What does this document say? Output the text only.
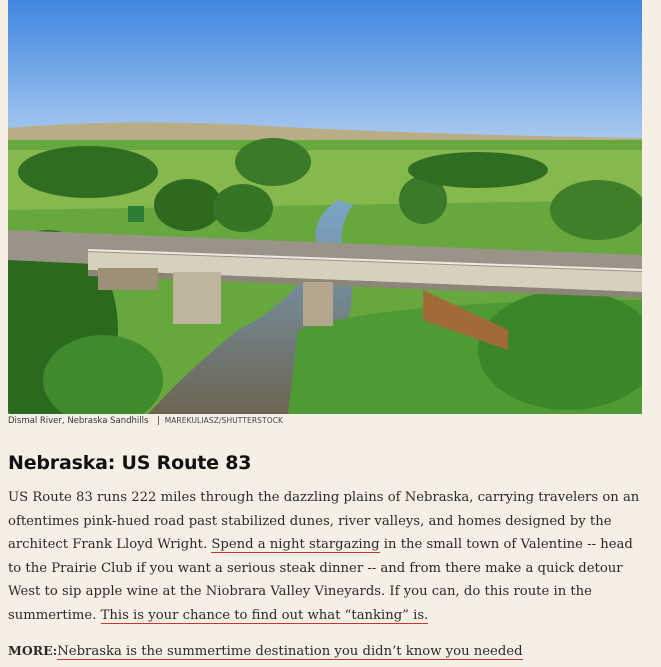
Dismal River, Nebraska Sandhills | MAREKULIASZ/SHUTTERSTOCK
Nebraska: US Route 83

US Route 83 runs 222 miles through the dazzling plains of Nebraska, carrying travelers on an oftentimes pink-hued road past stabilized dunes, river valleys, and homes designed by the architect Frank Lloyd Wright. Spend a night stargazing in the small town of Valentine -- head to the Prairie Club if you want a serious steak dinner -- and from there make a quick detour West to sip apple wine at the Niobrara Valley Vineyards. If you can, do this route in the summertime. This is your chance to find out what “tanking” is.

MORE:Nebraska is the summertime destination you didn’t know you needed
